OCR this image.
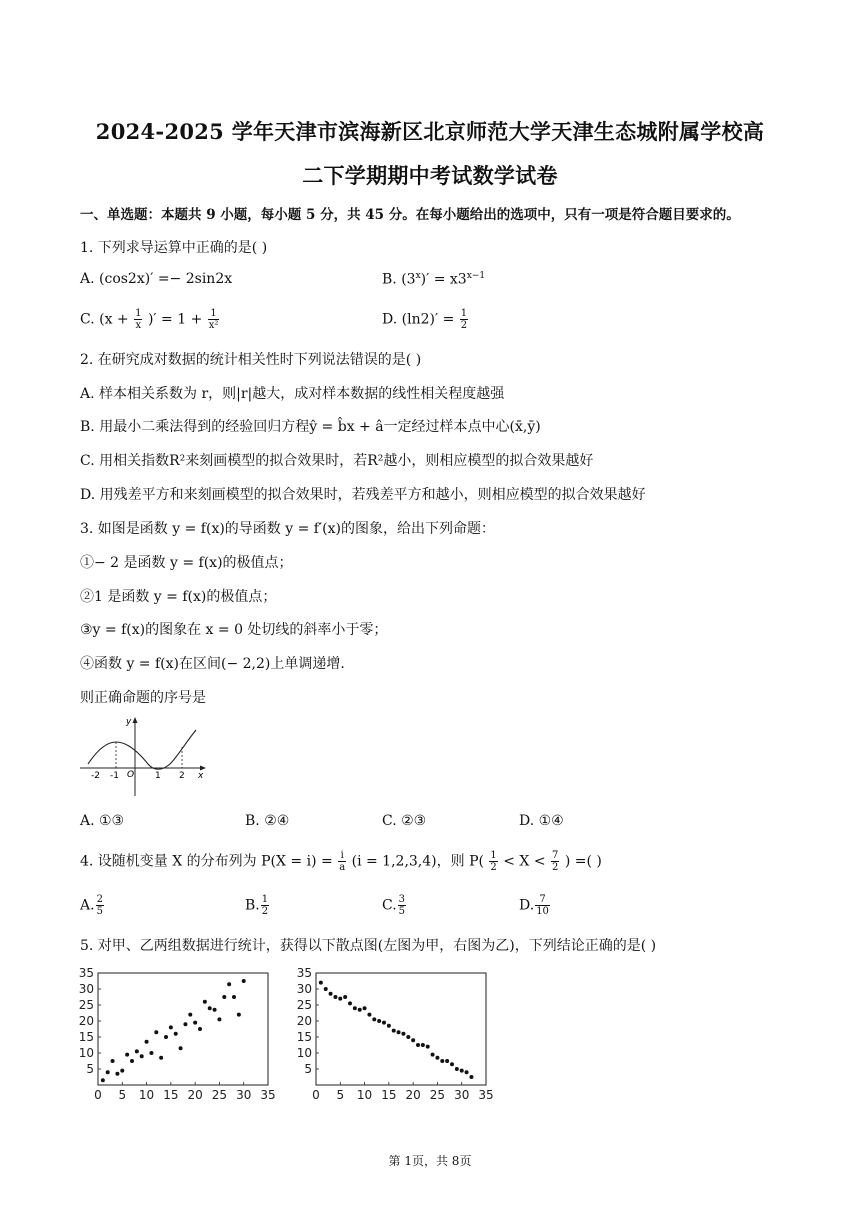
2024-2025 学年天津市滨海新区北京师范大学天津生态城附属学校高
二下学期期中考试数学试卷
一、单选题：本题共 9 小题，每小题 5 分，共 45 分。在每小题给出的选项中，只有一项是符合题目要求的。
1. 下列求导运算中正确的是( )
A. (cos2x)′ =− 2sin2x	B. $(3^x)' = x3^{x-1}$
C. ($x + \frac{1}{x}$ )′ = $1 + \frac{1}{\text{x²}}$	D. $(\ln 2)' = \frac{1}{2}$
2. 在研究成对数据的统计相关性时下列说法错误的是( )
A. 样本相关系数为 r，则|r|越大，成对样本数据的线性相关程度越强
B. 用最小二乘法得到的经验回归方程ŷ = b̂x + â一定经过样本点中心(x̄,ȳ)
C. 用相关指数R²来刻画模型的拟合效果时，若R²越小，则相应模型的拟合效果越好
D. 用残差平方和来刻画模型的拟合效果时，若残差平方和越小，则相应模型的拟合效果越好
3. 如图是函数 y = f(x)的导函数 y = f′(x)的图象，给出下列命题：
①− 2 是函数 y = f(x)的极值点；
②1 是函数 y = f(x)的极值点；
③y = f(x)的图象在 x = 0 处切线的斜率小于零；
④函数 y = f(x)在区间(− 2,2)上单调递增.
则正确命题的序号是
y
x
O
-2 -1	1 2
A. ①③	B. ②④	C. ②③	D. ①④
4. 设随机变量 X 的分布列为 $P(X = i) = \frac{i}{a} (i = 1,2,3,4)$，则 $P( \frac{1}{2} < X < \frac{7}{2}$ ) =( )
A. $\frac{2}{5}$	B. $\frac{1}{2}$	C. $\frac{3}{5}$	D. $\frac{7}{10}$
5. 对甲、乙两组数据进行统计，获得以下散点图(左图为甲，右图为乙)，下列结论正确的是( )
0 5 10 15 20 25 30 35
5
10
15
20
25
30
35
0 5 10 15 20 25 30 35
5
10
15
20
25
30
35
第 1页，共 8页
